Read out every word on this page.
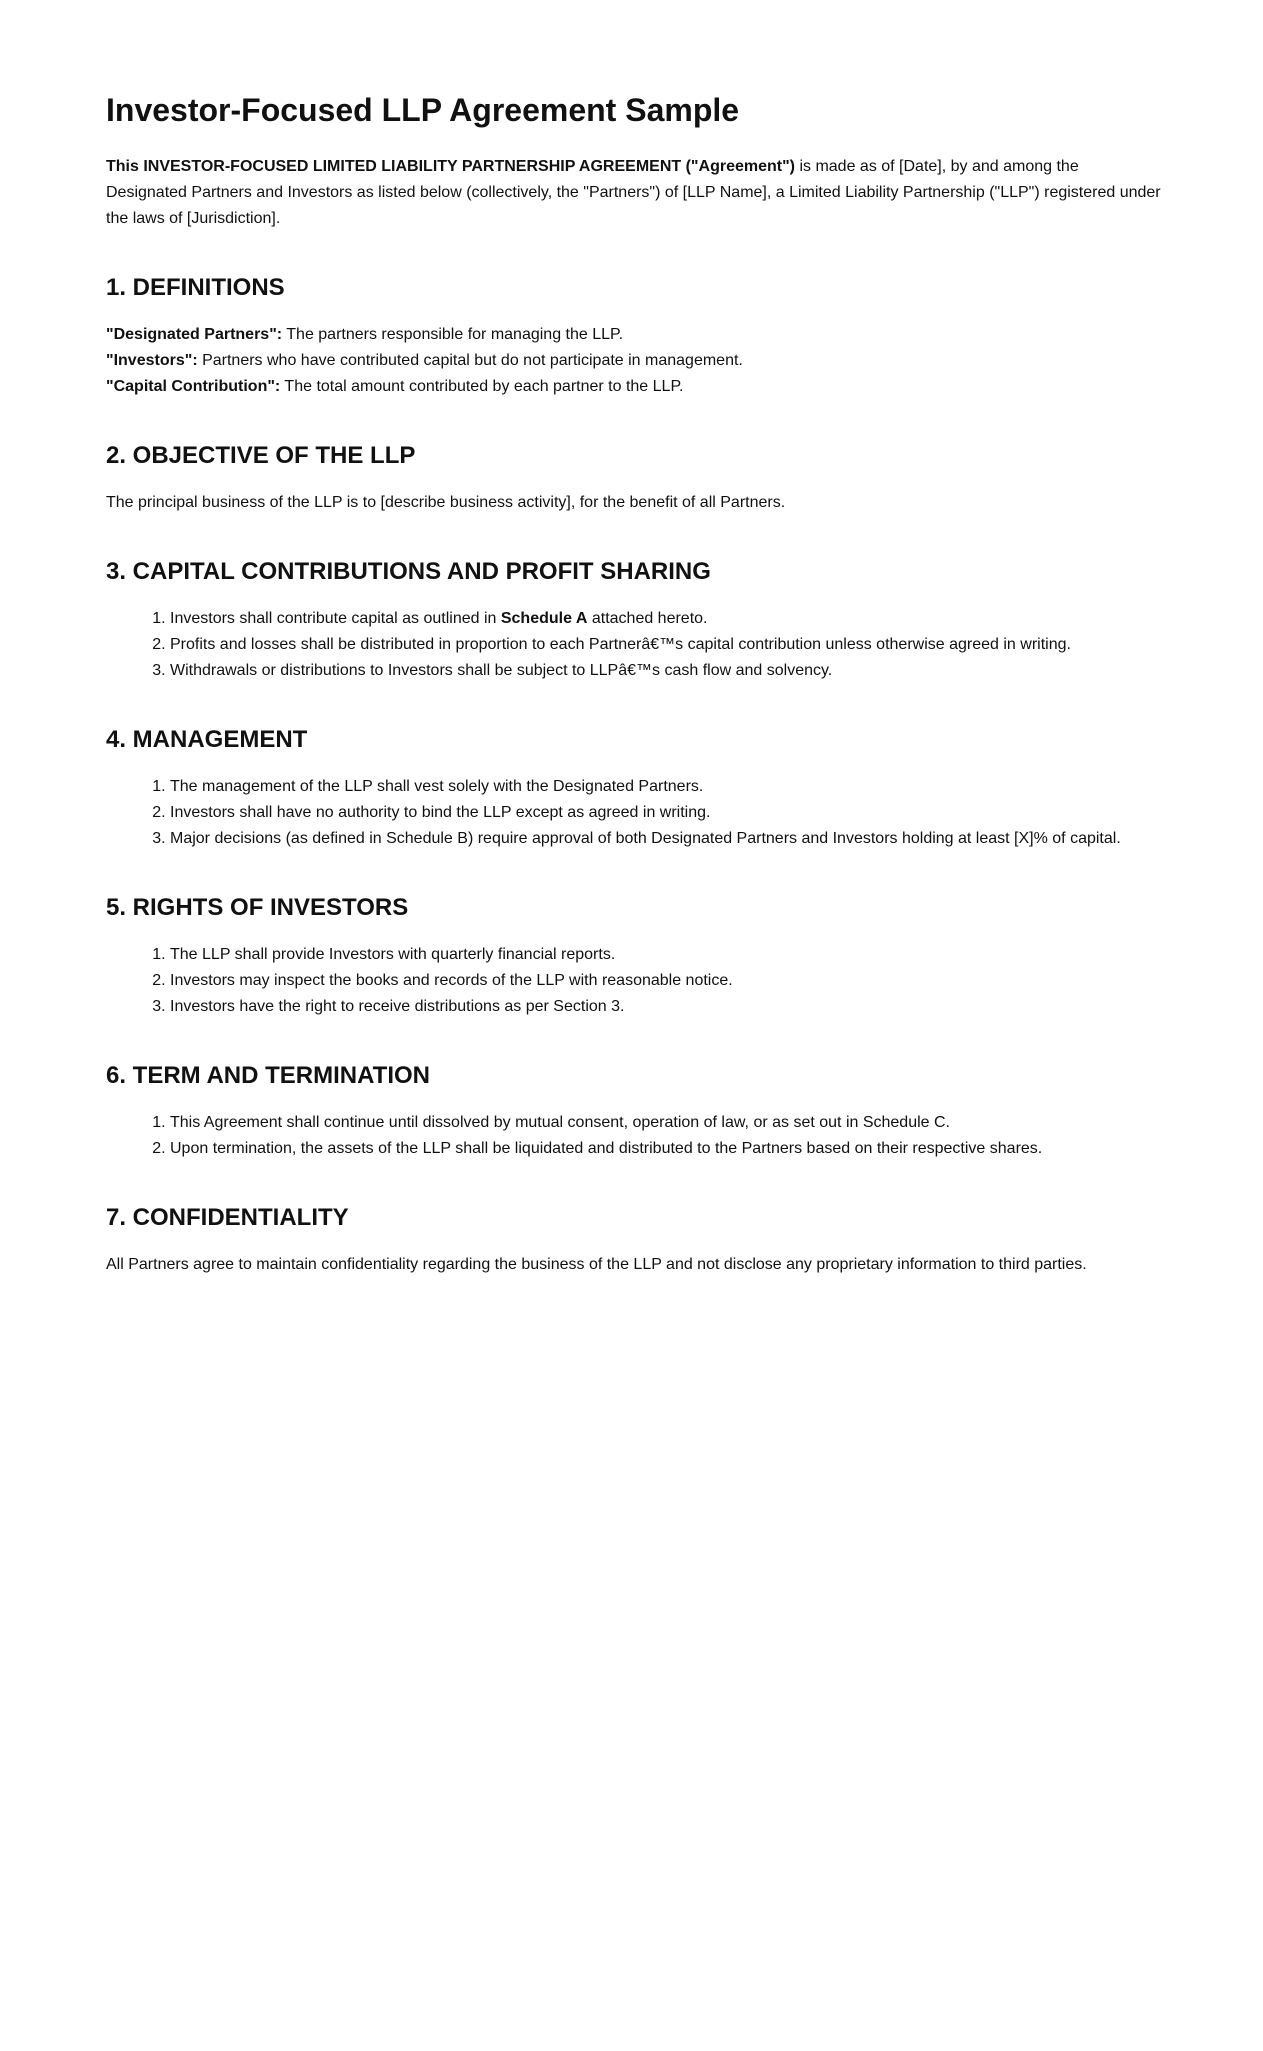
Investor-Focused LLP Agreement Sample

This INVESTOR-FOCUSED LIMITED LIABILITY PARTNERSHIP AGREEMENT ("Agreement") is made as of [Date], by and among the Designated Partners and Investors as listed below (collectively, the "Partners") of [LLP Name], a Limited Liability Partnership ("LLP") registered under the laws of [Jurisdiction].

1. DEFINITIONS

"Designated Partners": The partners responsible for managing the LLP.

"Investors": Partners who have contributed capital but do not participate in management.

"Capital Contribution": The total amount contributed by each partner to the LLP.

2. OBJECTIVE OF THE LLP

The principal business of the LLP is to [describe business activity], for the benefit of all Partners.

3. CAPITAL CONTRIBUTIONS AND PROFIT SHARING
1. Investors shall contribute capital as outlined in Schedule A attached hereto.
2. Profits and losses shall be distributed in proportion to each Partnerâ€™s capital contribution unless otherwise agreed in writing.
3. Withdrawals or distributions to Investors shall be subject to LLPâ€™s cash flow and solvency.
4. MANAGEMENT
1. The management of the LLP shall vest solely with the Designated Partners.
2. Investors shall have no authority to bind the LLP except as agreed in writing.
3. Major decisions (as defined in Schedule B) require approval of both Designated Partners and Investors holding at least [X]% of capital.
5. RIGHTS OF INVESTORS
1. The LLP shall provide Investors with quarterly financial reports.
2. Investors may inspect the books and records of the LLP with reasonable notice.
3. Investors have the right to receive distributions as per Section 3.
6. TERM AND TERMINATION
1. This Agreement shall continue until dissolved by mutual consent, operation of law, or as set out in Schedule C.
2. Upon termination, the assets of the LLP shall be liquidated and distributed to the Partners based on their respective shares.
7. CONFIDENTIALITY

All Partners agree to maintain confidentiality regarding the business of the LLP and not disclose any proprietary information to third parties.
